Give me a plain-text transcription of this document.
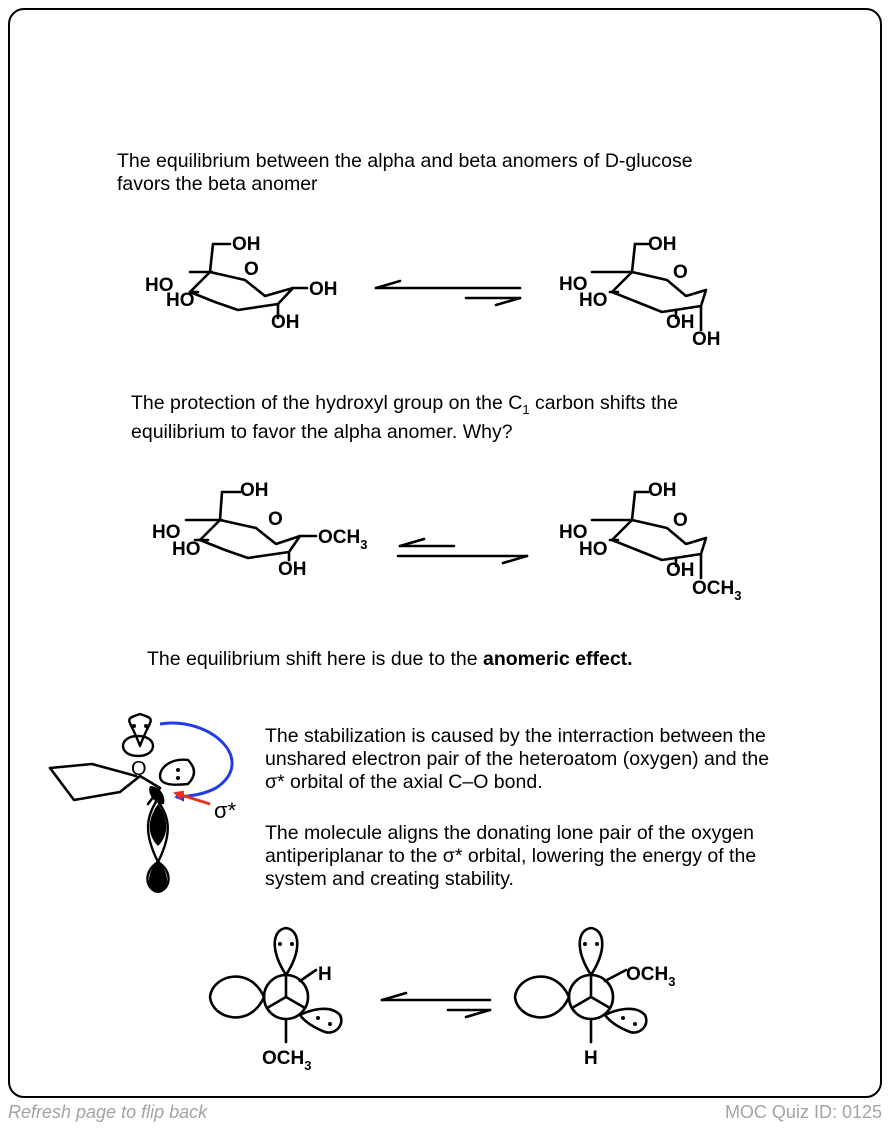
The equilibrium between the alpha and beta anomers of D-glucose
favors the beta anomer

The protection of the hydroxyl group on the $C_1$ carbon shifts the
equilibrium to favor the alpha anomer. Why?

The equilibrium shift here is due to the anomeric effect.

The stabilization is caused by the interraction between the
unshared electron pair of the heteroatom (oxygen) and the
σ* orbital of the axial C–O bond.

The molecule aligns the donating lone pair of the oxygen
antiperiplanar to the σ* orbital, lowering the energy of the
system and creating stability.

OH
HO
HO
O
OH
OH
OH
HO
HO
O
OH
OH
OH
HO
HO
O
$OCH_3$
OH
OH
HO
HO
O
OH
$OCH_3$
O
σ*
H
$OCH_3$
$OCH_3$
H
Refresh page to flip back	MOC Quiz ID: 0125
